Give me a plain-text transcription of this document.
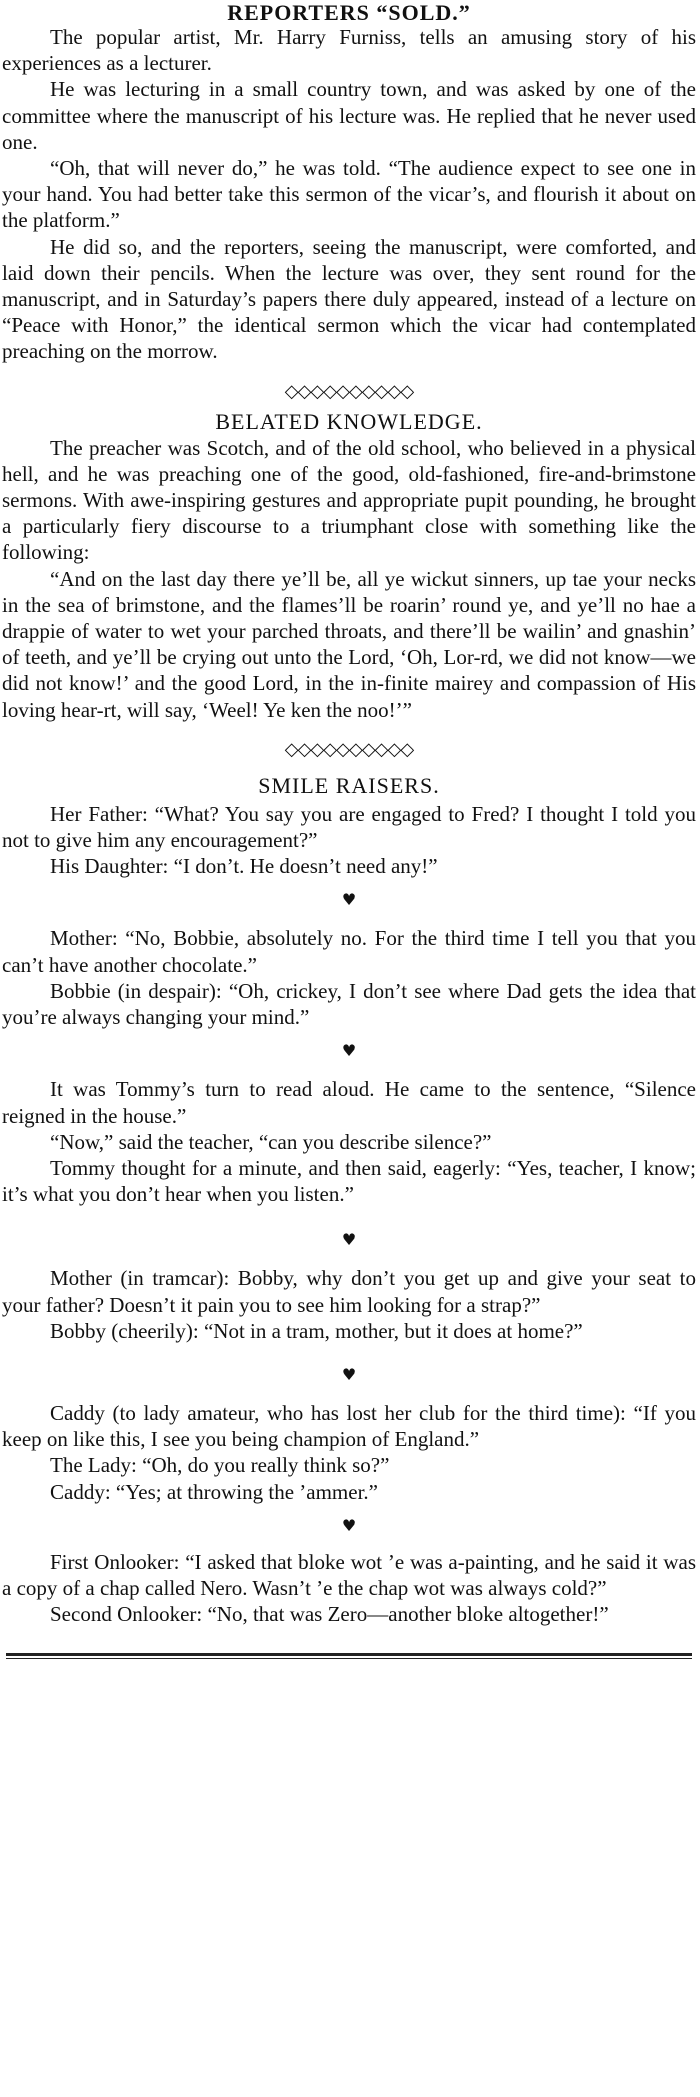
REPORTERS “SOLD.”

The popular artist, Mr. Harry Furniss, tells an amusing story of his experiences as a lecturer.

He was lecturing in a small country town, and was asked by one of the committee where the manuscript of his lecture was. He replied that he never used one.

“Oh, that will never do,” he was told. “The audience expect to see one in your hand. You had better take this sermon of the vicar’s, and flourish it about on the platform.”

He did so, and the reporters, seeing the manuscript, were comforted, and laid down their pencils. When the lecture was over, they sent round for the manuscript, and in Saturday’s papers there duly appeared, instead of a lecture on “Peace with Honor,” the identical sermon which the vicar had contemplated preaching on the morrow.

◇◇◇◇◇◇◇◇◇◇
BELATED KNOWLEDGE.

The preacher was Scotch, and of the old school, who believed in a physical hell, and he was preaching one of the good, old-fashioned, fire-and-brimstone sermons. With awe-inspiring gestures and appropriate pupit pounding, he brought a particularly fiery discourse to a triumphant close with something like the following:

“And on the last day there ye’ll be, all ye wickut sinners, up tae your necks in the sea of brimstone, and the flames’ll be roarin’ round ye, and ye’ll no hae a drappie of water to wet your parched throats, and there’ll be wailin’ and gnashin’ of teeth, and ye’ll be crying out unto the Lord, ‘Oh, Lor-rd, we did not know—we did not know!’ and the good Lord, in the in-finite mairey and compassion of His loving hear-rt, will say, ‘Weel! Ye ken the noo!’”

◇◇◇◇◇◇◇◇◇◇
SMILE RAISERS.

Her Father: “What? You say you are engaged to Fred? I thought I told you not to give him any encouragement?”

His Daughter: “I don’t. He doesn’t need any!”

♥

Mother: “No, Bobbie, absolutely no. For the third time I tell you that you can’t have another chocolate.”

Bobbie (in despair): “Oh, crickey, I don’t see where Dad gets the idea that you’re always changing your mind.”

♥

It was Tommy’s turn to read aloud. He came to the sentence, “Silence reigned in the house.”

“Now,” said the teacher, “can you describe silence?”

Tommy thought for a minute, and then said, eagerly: “Yes, teacher, I know; it’s what you don’t hear when you listen.”

♥

Mother (in tramcar): Bobby, why don’t you get up and give your seat to your father? Doesn’t it pain you to see him looking for a strap?”

Bobby (cheerily): “Not in a tram, mother, but it does at home?”

♥

Caddy (to lady amateur, who has lost her club for the third time): “If you keep on like this, I see you being champion of England.”

The Lady: “Oh, do you really think so?”

Caddy: “Yes; at throwing the ’ammer.”

♥

First Onlooker: “I asked that bloke wot ’e was a-painting, and he said it was a copy of a chap called Nero. Wasn’t ’e the chap wot was always cold?”

Second Onlooker: “No, that was Zero—another bloke altogether!”
